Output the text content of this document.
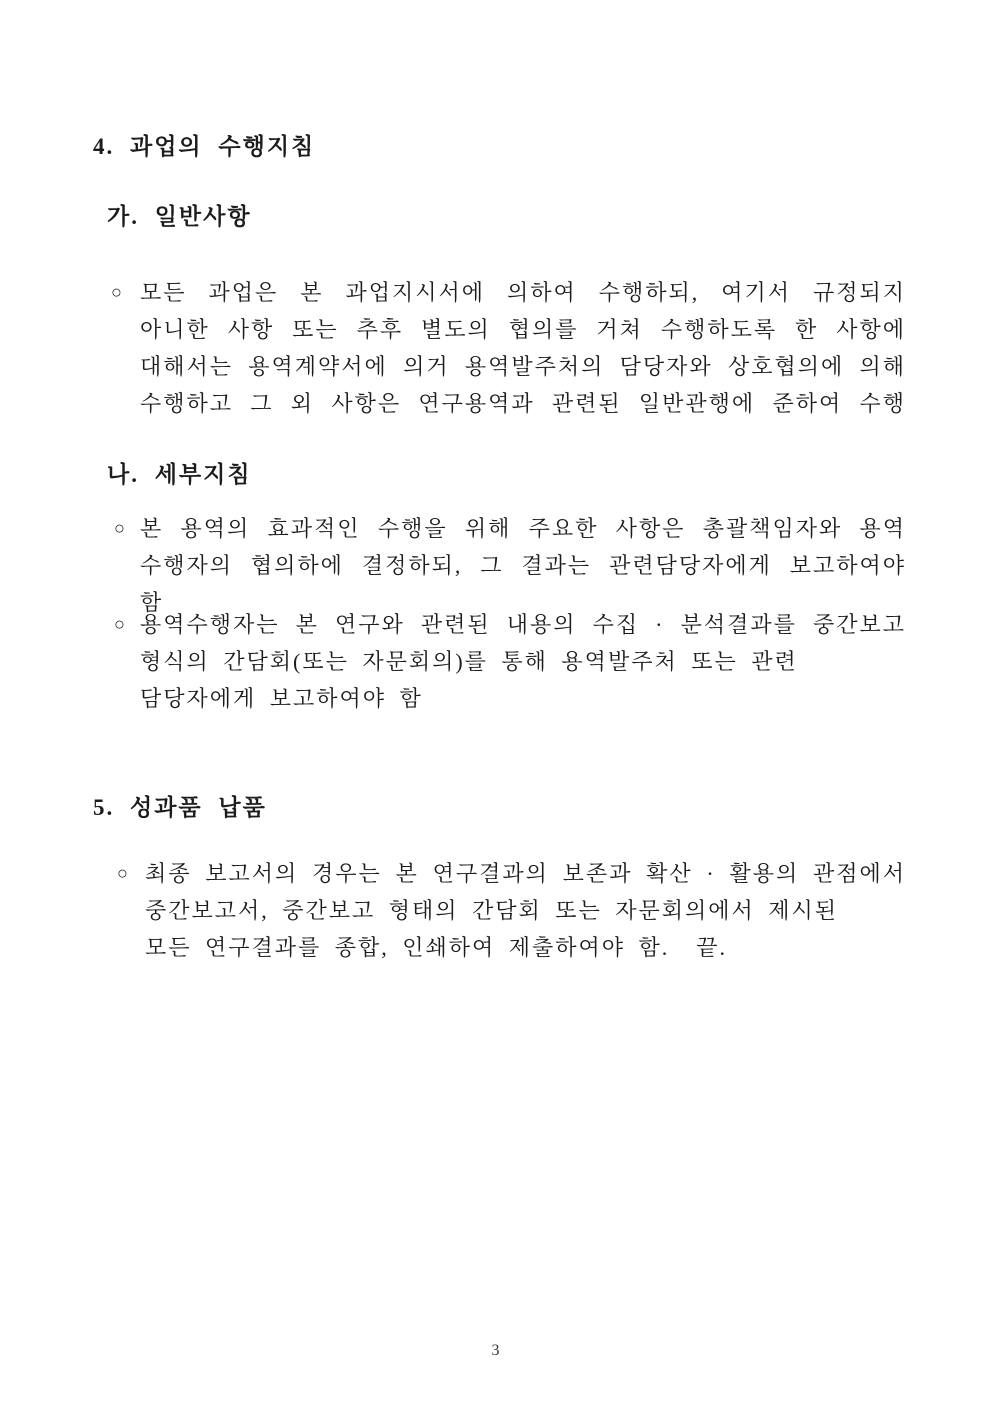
4. 과업의 수행지침
가. 일반사항
○ 모든 과업은 본 과업지시서에 의하여 수행하되, 여기서 규정되지
아니한 사항 또는 추후 별도의 협의를 거쳐 수행하도록 한 사항에
대해서는 용역계약서에 의거 용역발주처의 담당자와 상호협의에 의해
수행하고 그 외 사항은 연구용역과 관련된 일반관행에 준하여 수행
나. 세부지침
○ 본 용역의 효과적인 수행을 위해 주요한 사항은 총괄책임자와 용역
수행자의 협의하에 결정하되, 그 결과는 관련담당자에게 보고하여야 함
○ 용역수행자는 본 연구와 관련된 내용의 수집 · 분석결과를 중간보고
형식의 간담회(또는 자문회의)를 통해 용역발주처 또는 관련
담당자에게 보고하여야 함
5. 성과품 납품
○ 최종 보고서의 경우는 본 연구결과의 보존과 확산 · 활용의 관점에서
중간보고서, 중간보고 형태의 간담회 또는 자문회의에서 제시된
모든 연구결과를 종합, 인쇄하여 제출하여야 함.  끝.
3
